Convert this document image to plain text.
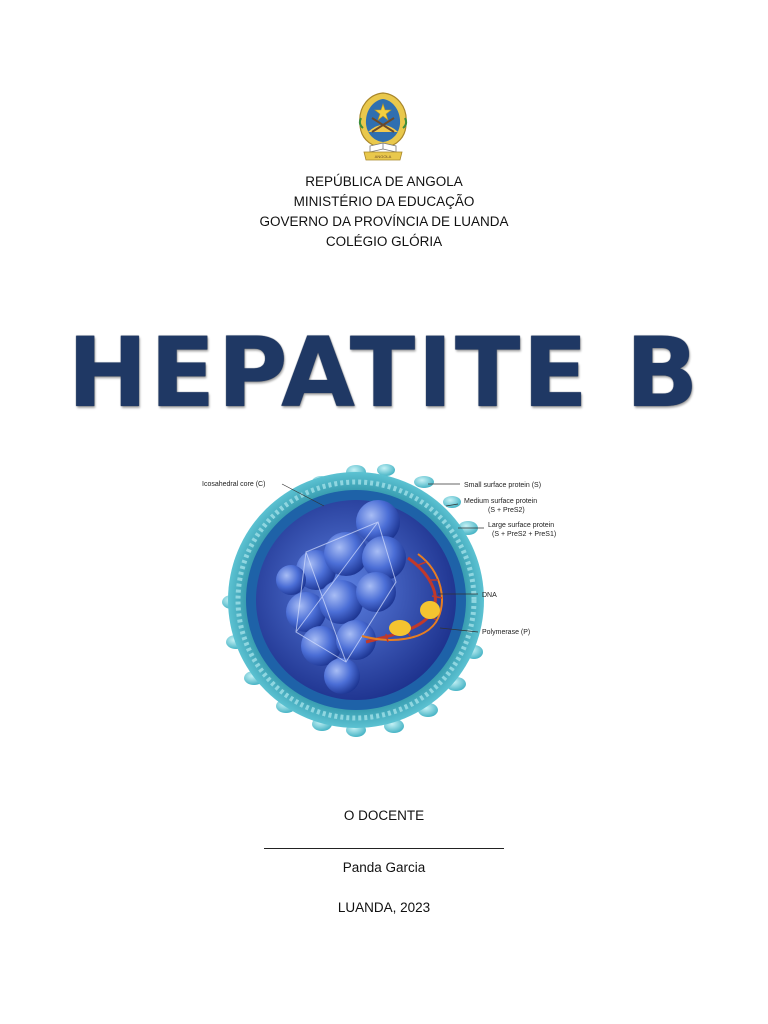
ANGOLA
REPÚBLICA DE ANGOLA
MINISTÉRIO DA EDUCAÇÃO
GOVERNO DA PROVÍNCIA DE LUANDA
COLÉGIO GLÓRIA
HEPATITE B
Icosahedral core (C)	Small surface protein (S)
Medium surface protein
(S + PreS2)
Large surface protein
(S + PreS2 + PreS1)
DNA
Polymerase (P)
O DOCENTE
Panda Garcia
LUANDA, 2023
